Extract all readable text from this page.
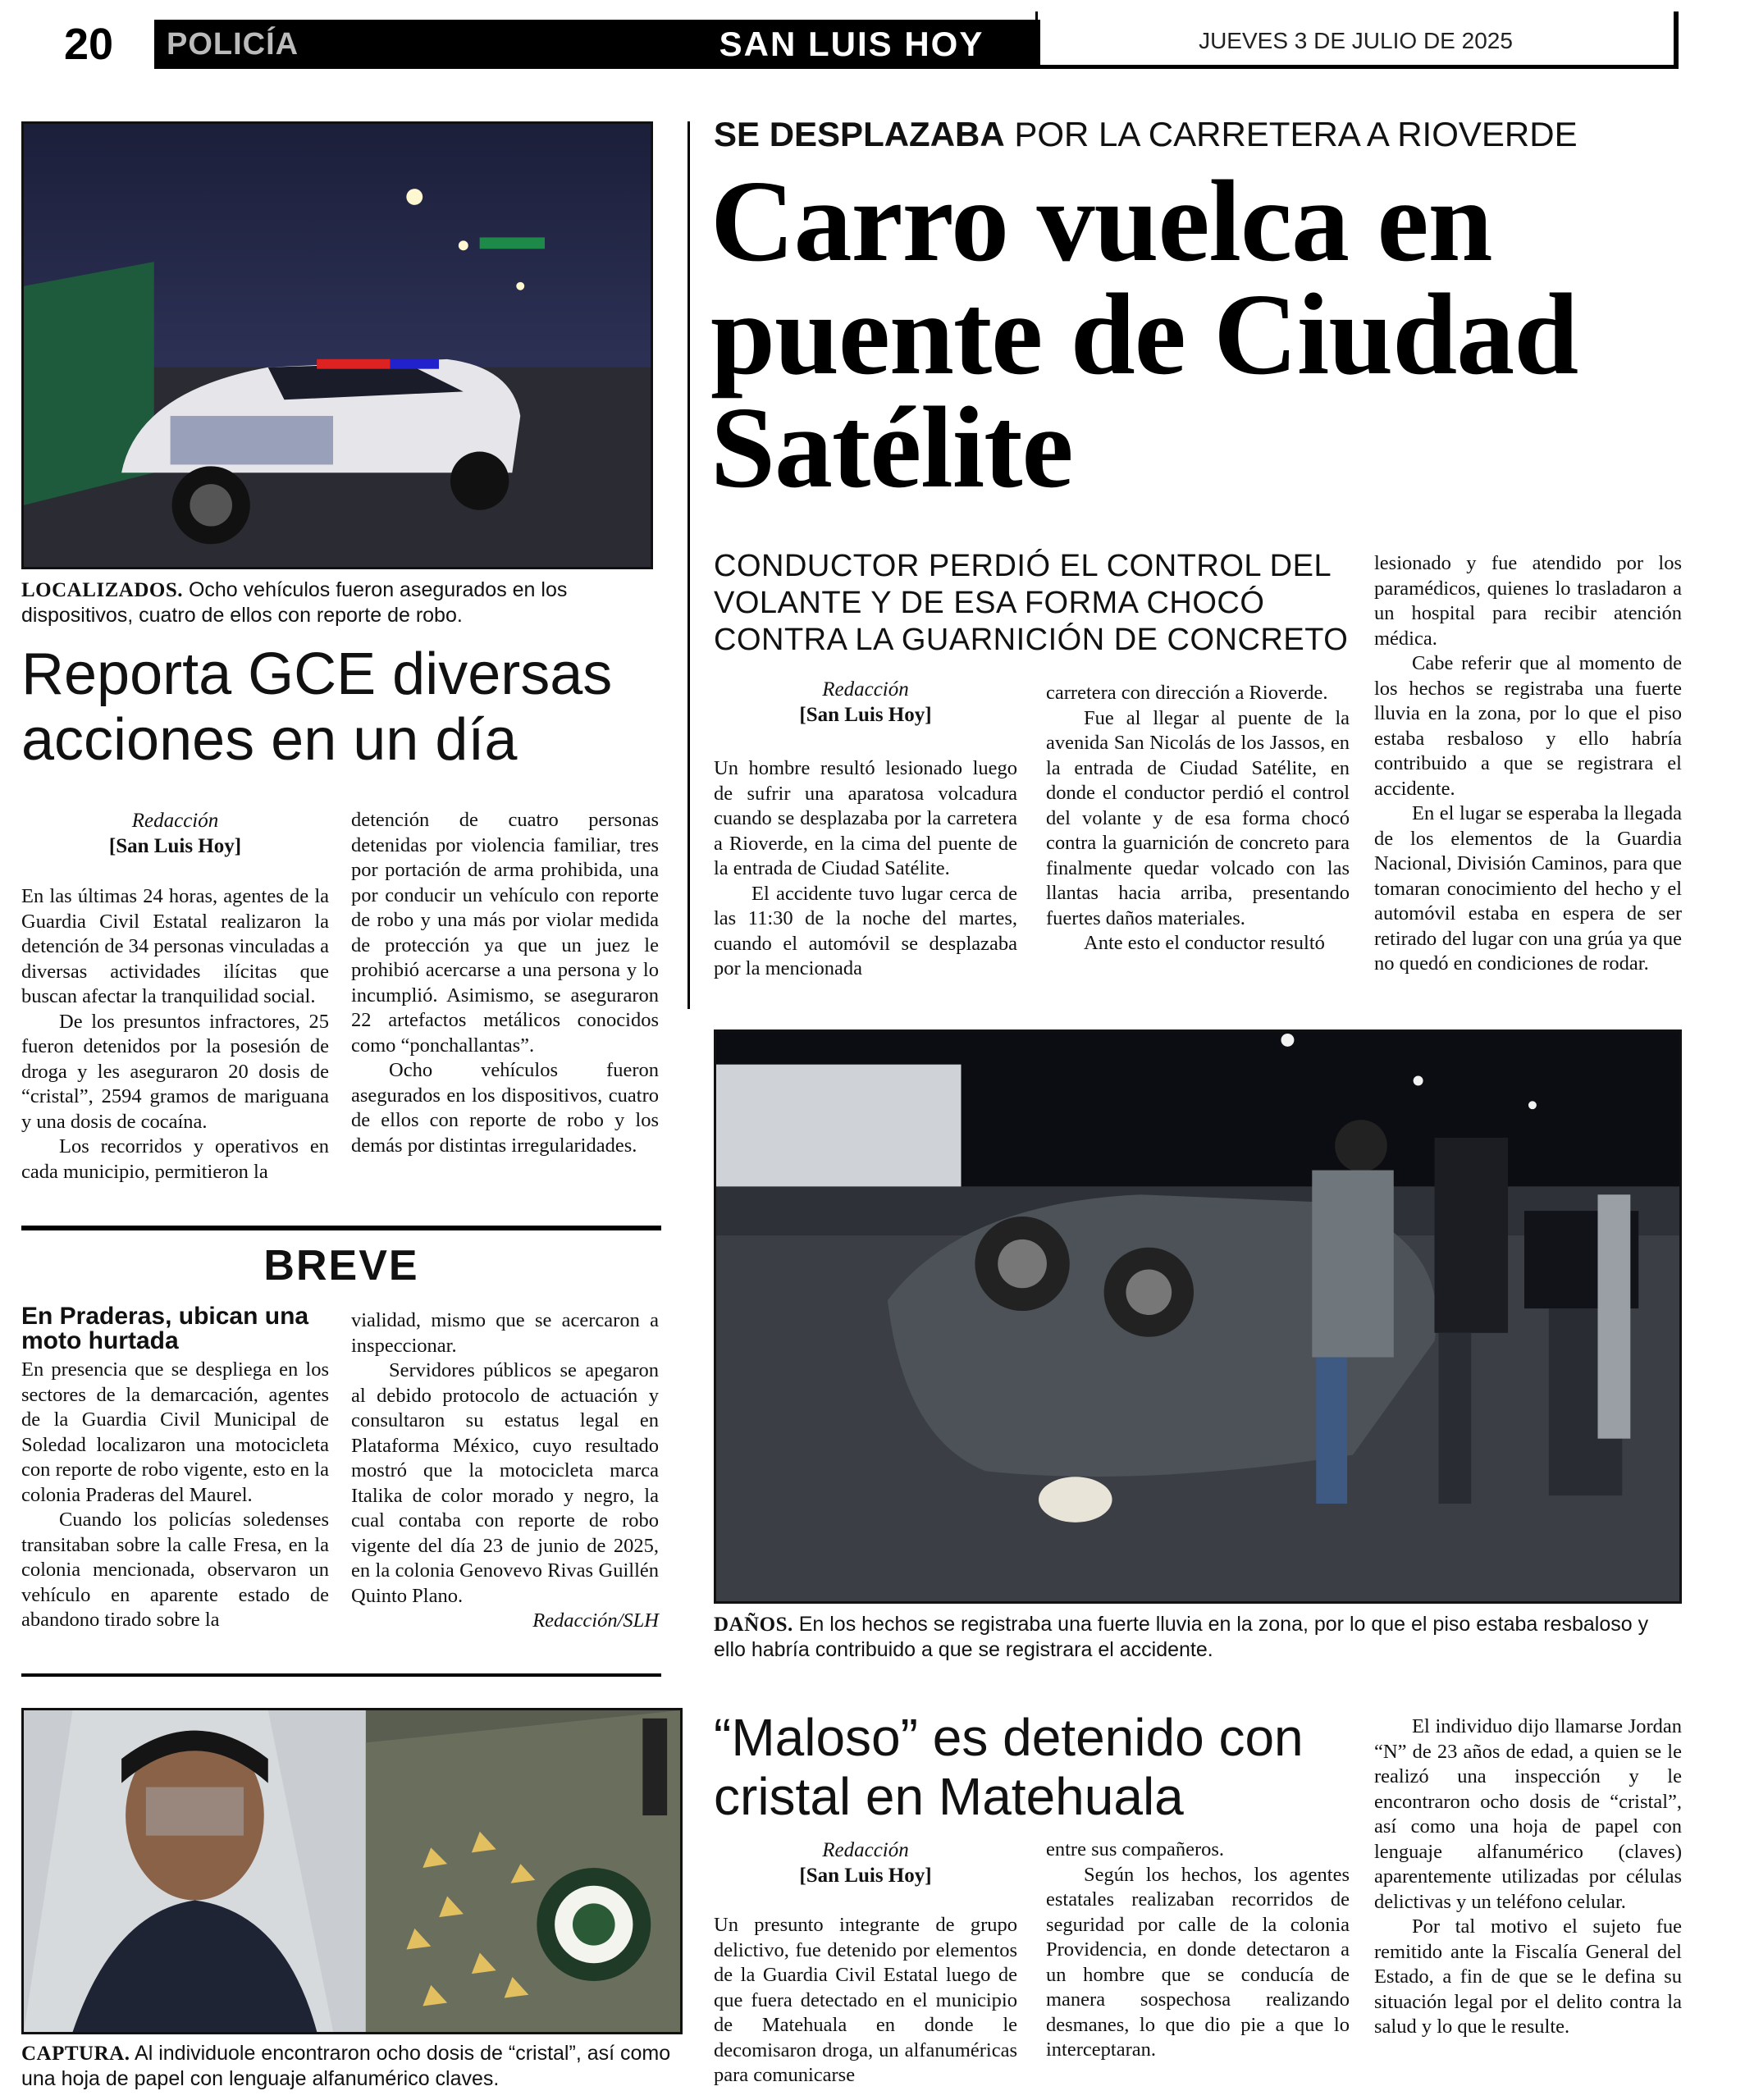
20	POLICÍA	SAN LUIS HOY	JUEVES 3 DE JULIO DE 2025
LOCALIZADOS. Ocho vehículos fueron asegurados en los dispositivos, cuatro de ellos con reporte de robo.
Reporta GCE diversas acciones en un día
Redacción
[San Luis Hoy]

En las últimas 24 horas, agentes de la Guardia Civil Estatal realizaron la detención de 34 personas vinculadas a diversas actividades ilícitas que buscan afectar la tranquilidad social.

De los presuntos infractores, 25 fueron detenidos por la posesión de droga y les aseguraron 20 dosis de “cristal”, 2594 gramos de mariguana y una dosis de cocaína.

Los recorridos y operativos en cada municipio, permitieron la

detención de cuatro personas detenidas por violencia familiar, tres por portación de arma prohibida, una por conducir un vehículo con reporte de robo y una más por violar medida de protección ya que un juez le prohibió acercarse a una persona y lo incumplió. Asimismo, se aseguraron 22 artefactos metálicos conocidos como “ponchallantas”.

Ocho vehículos fueron asegurados en los dispositivos, cuatro de ellos con reporte de robo y los demás por distintas irregularidades.

BREVE
En Praderas, ubican una moto hurtada

En presencia que se despliega en los sectores de la demarcación, agentes de la Guardia Civil Municipal de Soledad localizaron una motocicleta con reporte de robo vigente, esto en la colonia Praderas del Maurel.

Cuando los policías soledenses transitaban sobre la calle Fresa, en la colonia mencionada, observaron un vehículo en aparente estado de abandono tirado sobre la

vialidad, mismo que se acercaron a inspeccionar.

Servidores públicos se apegaron al debido protocolo de actuación y consultaron su estatus legal en Plataforma México, cuyo resultado mostró que la motocicleta marca Italika de color morado y negro, la cual contaba con reporte de robo vigente del día 23 de junio de 2025, en la colonia Genovevo Rivas Guillén Quinto Plano.

Redacción/SLH

SE DESPLAZABA POR LA CARRETERA A RIOVERDE
Carro vuelca en puente de Ciudad Satélite
CONDUCTOR PERDIÓ EL CONTROL DEL VOLANTE Y DE ESA FORMA CHOCÓ CONTRA LA GUARNICIÓN DE CONCRETO
Redacción
[San Luis Hoy]

Un hombre resultó lesionado luego de sufrir una aparatosa volcadura cuando se desplazaba por la carretera a Rioverde, en la cima del puente de la entrada de Ciudad Satélite.

El accidente tuvo lugar cerca de las 11:30 de la noche del martes, cuando el automóvil se desplazaba por la mencionada

carretera con dirección a Rioverde.

Fue al llegar al puente de la avenida San Nicolás de los Jassos, en la entrada de Ciudad Satélite, en donde el conductor perdió el control del volante y de esa forma chocó contra la guarnición de concreto para finalmente quedar volcado con las llantas hacia arriba, presentando fuertes daños materiales.

Ante esto el conductor resultó

lesionado y fue atendido por los paramédicos, quienes lo trasladaron a un hospital para recibir atención médica.

Cabe referir que al momento de los hechos se registraba una fuerte lluvia en la zona, por lo que el piso estaba resbaloso y ello habría contribuido a que se registrara el accidente.

En el lugar se esperaba la llegada de los elementos de la Guardia Nacional, División Caminos, para que tomaran conocimiento del hecho y el automóvil estaba en espera de ser retirado del lugar con una grúa ya que no quedó en condiciones de rodar.

DAÑOS. En los hechos se registraba una fuerte lluvia en la zona, por lo que el piso estaba resbaloso y ello habría contribuido a que se registrara el accidente.
CAPTURA. Al individuole encontraron ocho dosis de “cristal”, así como una hoja de papel con lenguaje alfanumérico claves.
“Maloso” es detenido con cristal en Matehuala
Redacción
[San Luis Hoy]

Un presunto integrante de grupo delictivo, fue detenido por elementos de la Guardia Civil Estatal luego de que fuera detectado en el municipio de Matehuala en donde le decomisaron droga, un alfanuméricas para comunicarse

entre sus compañeros.

Según los hechos, los agentes estatales realizaban recorridos de seguridad por calle de la colonia Providencia, en donde detectaron a un hombre que se conducía de manera sospechosa realizando desmanes, lo que dio pie a que lo interceptaran.

El individuo dijo llamarse Jordan “N” de 23 años de edad, a quien se le realizó una inspección y le encontraron ocho dosis de “cristal”, así como una hoja de papel con lenguaje alfanumérico (claves) aparentemente utilizadas por células delictivas y un teléfono celular.

Por tal motivo el sujeto fue remitido ante la Fiscalía General del Estado, a fin de que se le defina su situación legal por el delito contra la salud y lo que le resulte.
